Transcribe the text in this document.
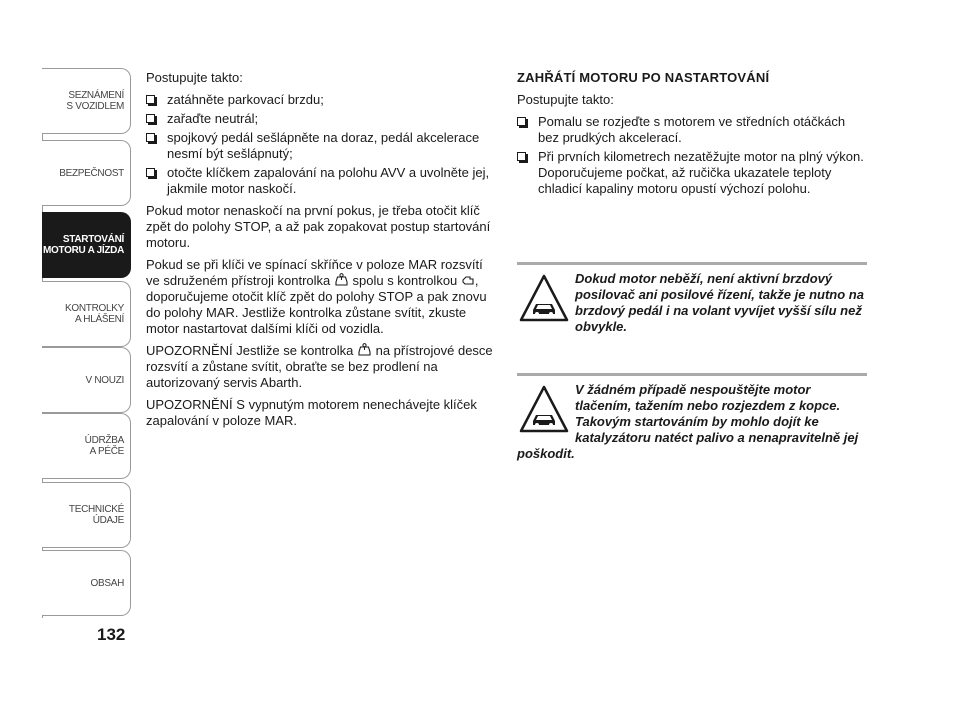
SEZNÁMENÍ
S VOZIDLEM
BEZPEČNOST
STARTOVÁNÍ
MOTORU A JÍZDA
KONTROLKY
A HLÁŠENÍ
V NOUZI
ÚDRŽBA
A PÉČE
TECHNICKÉ
ÚDAJE
OBSAH
132

Postupujte takto:

zatáhněte parkovací brzdu;
zařaďte neutrál;
spojkový pedál sešlápněte na doraz, pedál akcelerace nesmí být sešlápnutý;
otočte klíčkem zapalování na polohu AVV a uvolněte jej, jakmile motor naskočí.

Pokud motor nenaskočí na první pokus, je třeba otočit klíč zpět do polohy STOP, a až pak zopakovat postup startování motoru.

Pokud se při klíči ve spínací skříňce v poloze MAR rozsvítí ve sdruženém přístroji kontrolka spolu s kontrolkou , doporučujeme otočit klíč zpět do polohy STOP a pak znovu do polohy MAR. Jestliže kontrolka zůstane svítit, zkuste motor nastartovat dalšími klíči od vozidla.

UPOZORNĚNÍ Jestliže se kontrolka na přístrojové desce rozsvítí a zůstane svítit, obraťte se bez prodlení na autorizovaný servis Abarth.

UPOZORNĚNÍ S vypnutým motorem nenechávejte klíček zapalování v poloze MAR.

ZAHŘÁTÍ MOTORU PO NASTARTOVÁNÍ

Postupujte takto:

Pomalu se rozjeďte s motorem ve středních otáčkách bez prudkých akcelerací.
Při prvních kilometrech nezatěžujte motor na plný výkon. Doporučujeme počkat, až ručička ukazatele teploty chladicí kapaliny motoru opustí výchozí polohu.
Dokud motor neběží, není aktivní brzdový posilovač ani posilové řízení, takže je nutno na brzdový pedál i na volant vyvíjet vyšší sílu než obvykle.
V žádném případě nespouštějte motor tlačením, tažením nebo rozjezdem z kopce. Takovým startováním by mohlo dojít ke katalyzátoru natéct palivo a nenapravitelně jej poškodit.
